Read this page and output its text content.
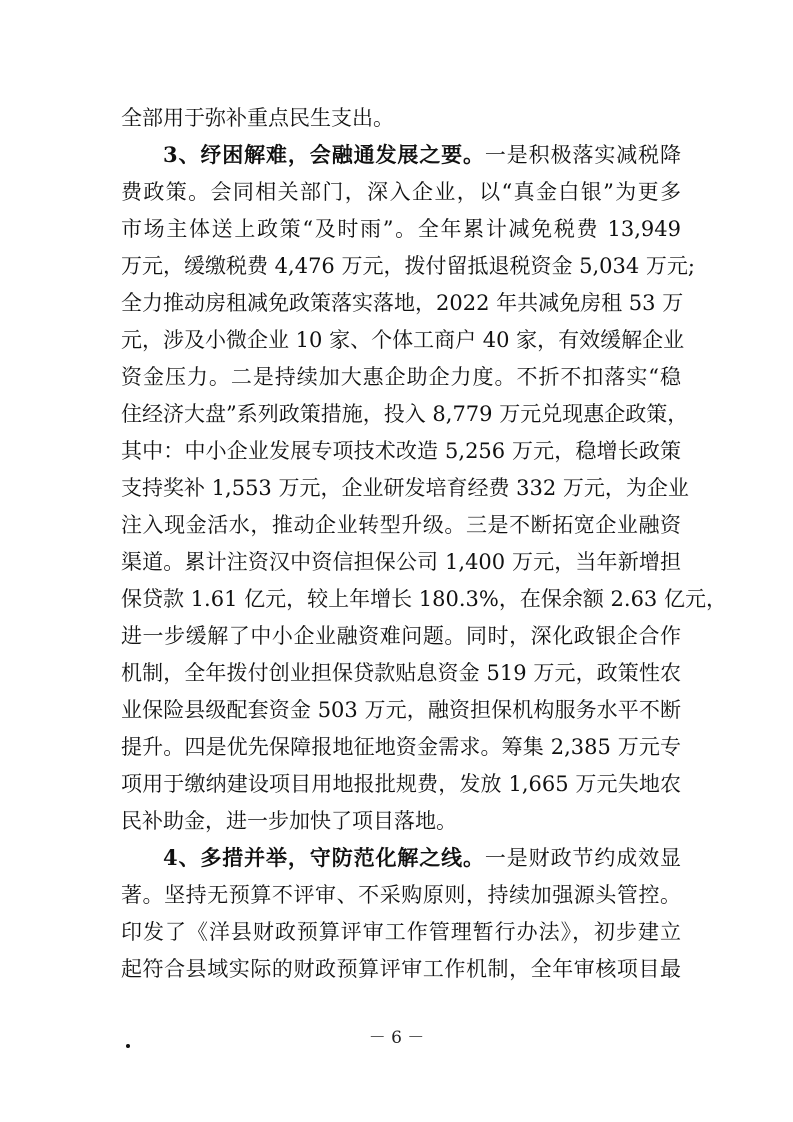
全部用于弥补重点民生支出。
3、纾困解难，会融通发展之要。一是积极落实减税降
费政策。会同相关部门，深入企业，以“真金白银”为更多
市场主体送上政策“及时雨”。全年累计减免税费 13,949
万元，缓缴税费 4,476 万元，拨付留抵退税资金 5,034 万元;
全力推动房租减免政策落实落地，2022 年共减免房租 53 万
元，涉及小微企业 10 家、个体工商户 40 家，有效缓解企业
资金压力。二是持续加大惠企助企力度。不折不扣落实“稳
住经济大盘”系列政策措施，投入 8,779 万元兑现惠企政策，
其中：中小企业发展专项技术改造 5,256 万元，稳增长政策
支持奖补 1,553 万元，企业研发培育经费 332 万元，为企业
注入现金活水，推动企业转型升级。三是不断拓宽企业融资
渠道。累计注资汉中资信担保公司 1,400 万元，当年新增担
保贷款 1.61 亿元，较上年增长 180.3%，在保余额 2.63 亿元，
进一步缓解了中小企业融资难问题。同时，深化政银企合作
机制，全年拨付创业担保贷款贴息资金 519 万元，政策性农
业保险县级配套资金 503 万元，融资担保机构服务水平不断
提升。四是优先保障报地征地资金需求。筹集 2,385 万元专
项用于缴纳建设项目用地报批规费，发放 1,665 万元失地农
民补助金，进一步加快了项目落地。
4、多措并举，守防范化解之线。一是财政节约成效显
著。坚持无预算不评审、不采购原则，持续加强源头管控。
－ 6 －
印发了《洋县财政预算评审工作管理暂行办法》，初步建立
起符合县域实际的财政预算评审工作机制，全年审核项目最
